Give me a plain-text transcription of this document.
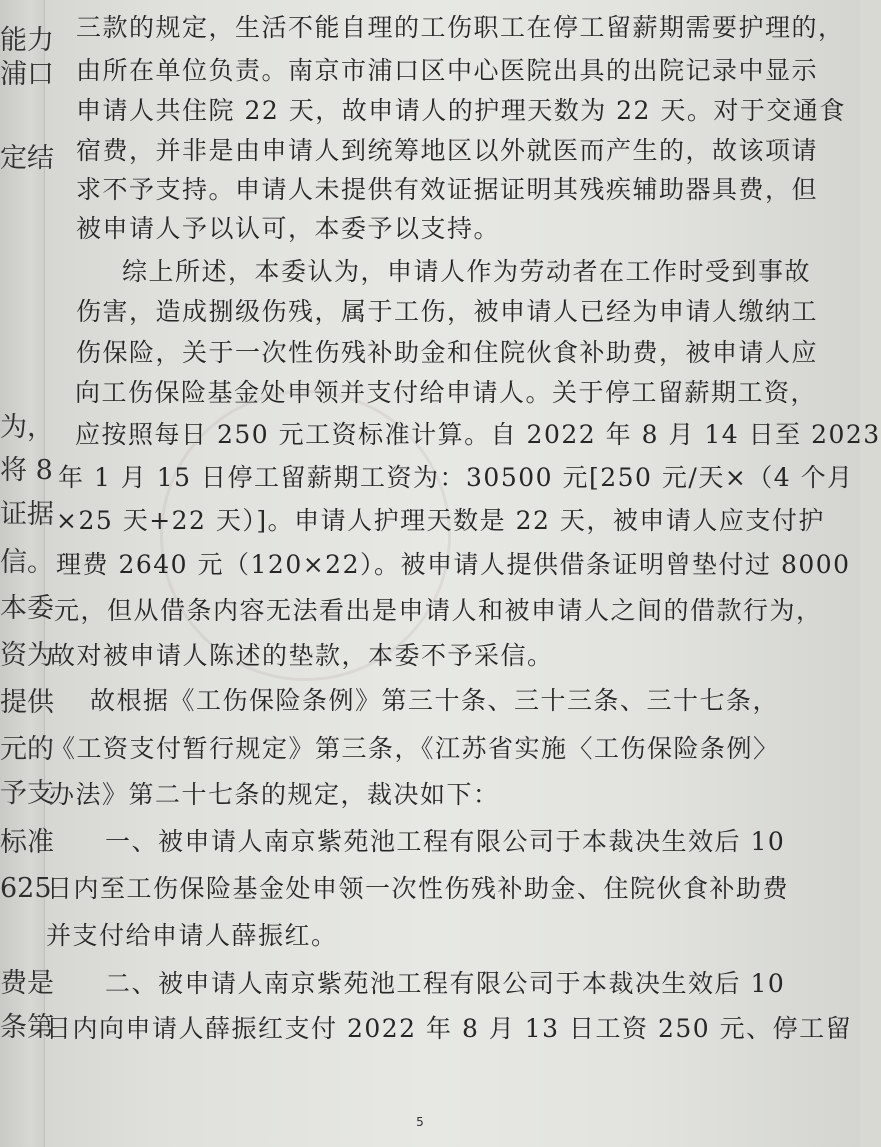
能力
浦口
定结
为，
将 8
证据
信。
本委
资为
提供
元的
予支
标准
625
费是
条第
三款的规定，生活不能自理的工伤职工在停工留薪期需要护理的，
由所在单位负责。南京市浦口区中心医院出具的出院记录中显示
申请人共住院 22 天，故申请人的护理天数为 22 天。对于交通食
宿费，并非是由申请人到统筹地区以外就医而产生的，故该项请
求不予支持。申请人未提供有效证据证明其残疾辅助器具费，但
被申请人予以认可，本委予以支持。
综上所述，本委认为，申请人作为劳动者在工作时受到事故
伤害，造成捌级伤残，属于工伤，被申请人已经为申请人缴纳工
伤保险，关于一次性伤残补助金和住院伙食补助费，被申请人应
向工伤保险基金处申领并支付给申请人。关于停工留薪期工资，
应按照每日 250 元工资标准计算。自 2022 年 8 月 14 日至 2023
年 1 月 15 日停工留薪期工资为：30500 元[250 元/天×（4 个月
×25 天+22 天）]。申请人护理天数是 22 天，被申请人应支付护
理费 2640 元（120×22）。被申请人提供借条证明曾垫付过 8000
元，但从借条内容无法看出是申请人和被申请人之间的借款行为，
故对被申请人陈述的垫款，本委不予采信。
故根据《工伤保险条例》第三十条、三十三条、三十七条，
《工资支付暂行规定》第三条，《江苏省实施〈工伤保险条例〉
办法》第二十七条的规定，裁决如下：
一、被申请人南京紫苑池工程有限公司于本裁决生效后 10
日内至工伤保险基金处申领一次性伤残补助金、住院伙食补助费
并支付给申请人薛振红。
二、被申请人南京紫苑池工程有限公司于本裁决生效后 10
日内向申请人薛振红支付 2022 年 8 月 13 日工资 250 元、停工留
5
